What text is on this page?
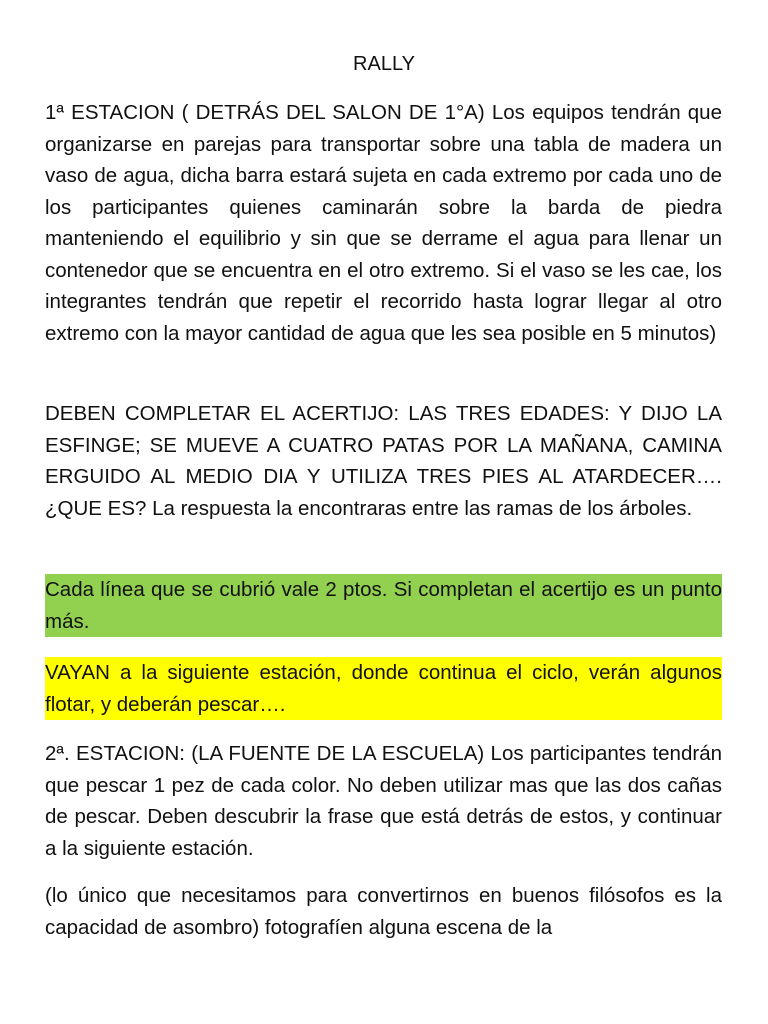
RALLY

1ª ESTACION ( DETRÁS DEL SALON DE 1°A) Los equipos tendrán que organizarse en parejas para transportar sobre una tabla de madera un vaso de agua, dicha barra estará sujeta en cada extremo por cada uno de los participantes quienes caminarán sobre la barda de piedra manteniendo el equilibrio y sin que se derrame el agua para llenar un contenedor que se encuentra en el otro extremo. Si el vaso se les cae, los integrantes tendrán que repetir el recorrido hasta lograr llegar al otro extremo con la mayor cantidad de agua que les sea posible en 5 minutos)

DEBEN COMPLETAR EL ACERTIJO: LAS TRES EDADES: Y DIJO LA ESFINGE; SE MUEVE A CUATRO PATAS POR LA MAÑANA, CAMINA ERGUIDO AL MEDIO DIA Y UTILIZA TRES PIES AL ATARDECER…. ¿QUE ES? La respuesta la encontraras entre las ramas de los árboles.

Cada línea que se cubrió vale 2 ptos. Si completan el acertijo es un punto más.

VAYAN a la siguiente estación, donde continua el ciclo, verán algunos flotar, y deberán pescar….

2ª. ESTACION: (LA FUENTE DE LA ESCUELA) Los participantes tendrán que pescar 1 pez de cada color. No deben utilizar mas que las dos cañas de pescar. Deben descubrir la frase que está detrás de estos, y continuar a la siguiente estación.

(lo único que necesitamos para convertirnos en buenos filósofos es la capacidad de asombro) fotografíen alguna escena de la
